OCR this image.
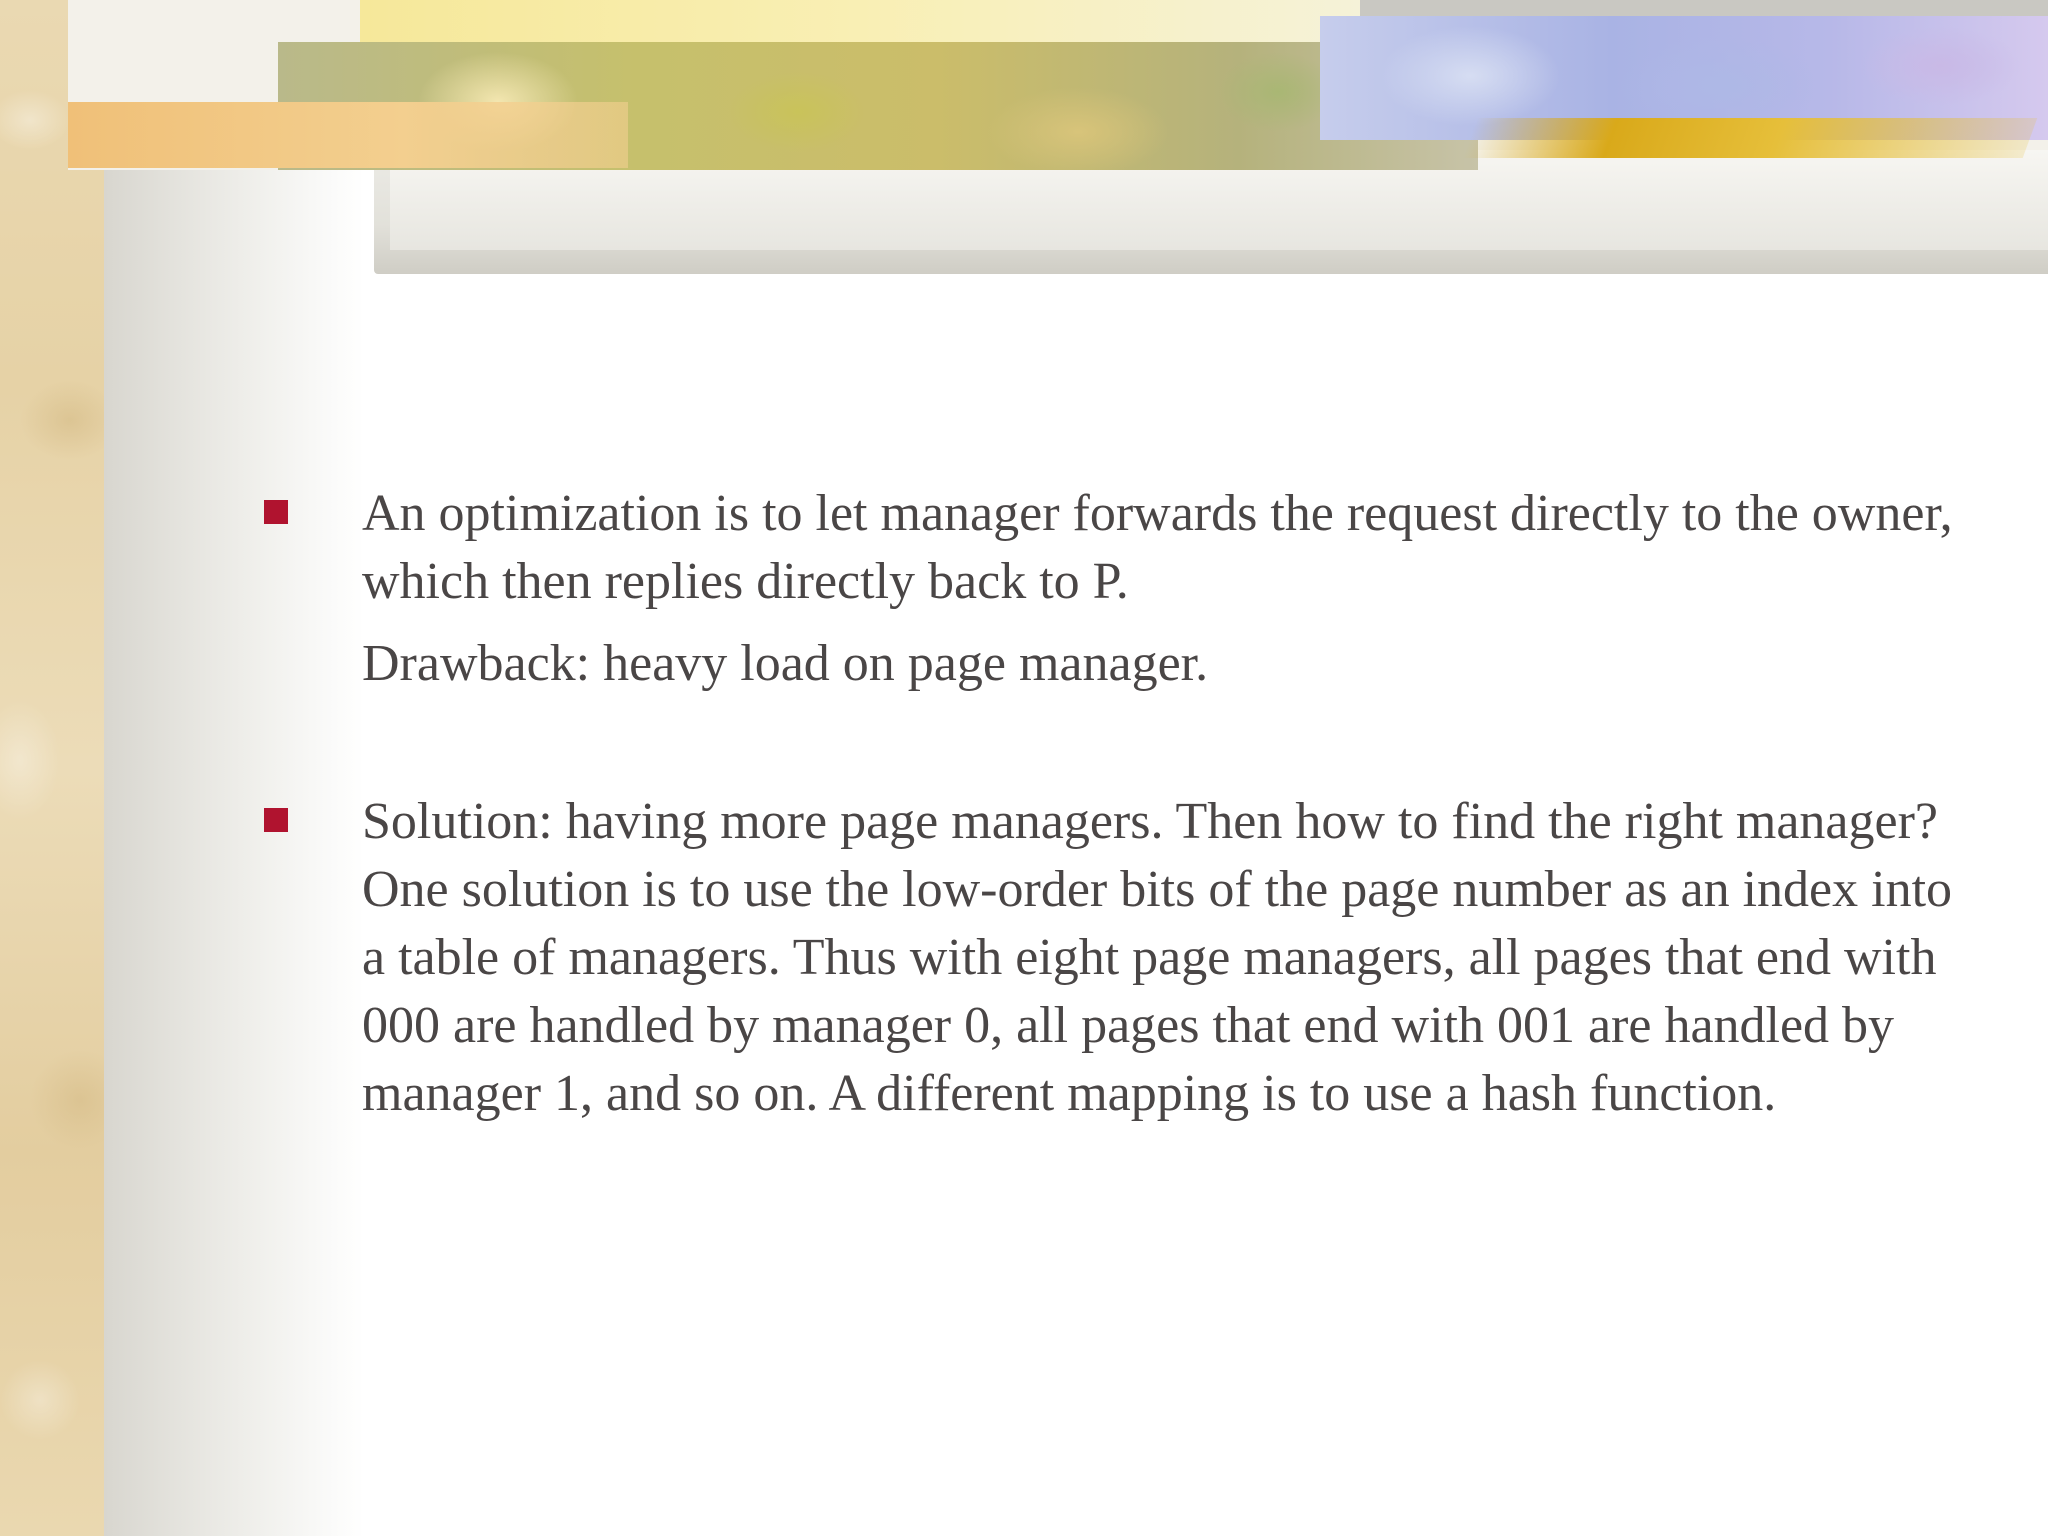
An optimization is to let manager forwards the request directly to the owner, which then replies directly back to P.
Drawback: heavy load on page manager.
Solution: having more page managers. Then how to find the right manager? One solution is to use the low-order bits of the page number as an index into a table of managers. Thus with eight page managers, all pages that end with 000 are handled by manager 0, all pages that end with 001 are handled by manager 1, and so on. A different mapping is to use a hash function.
